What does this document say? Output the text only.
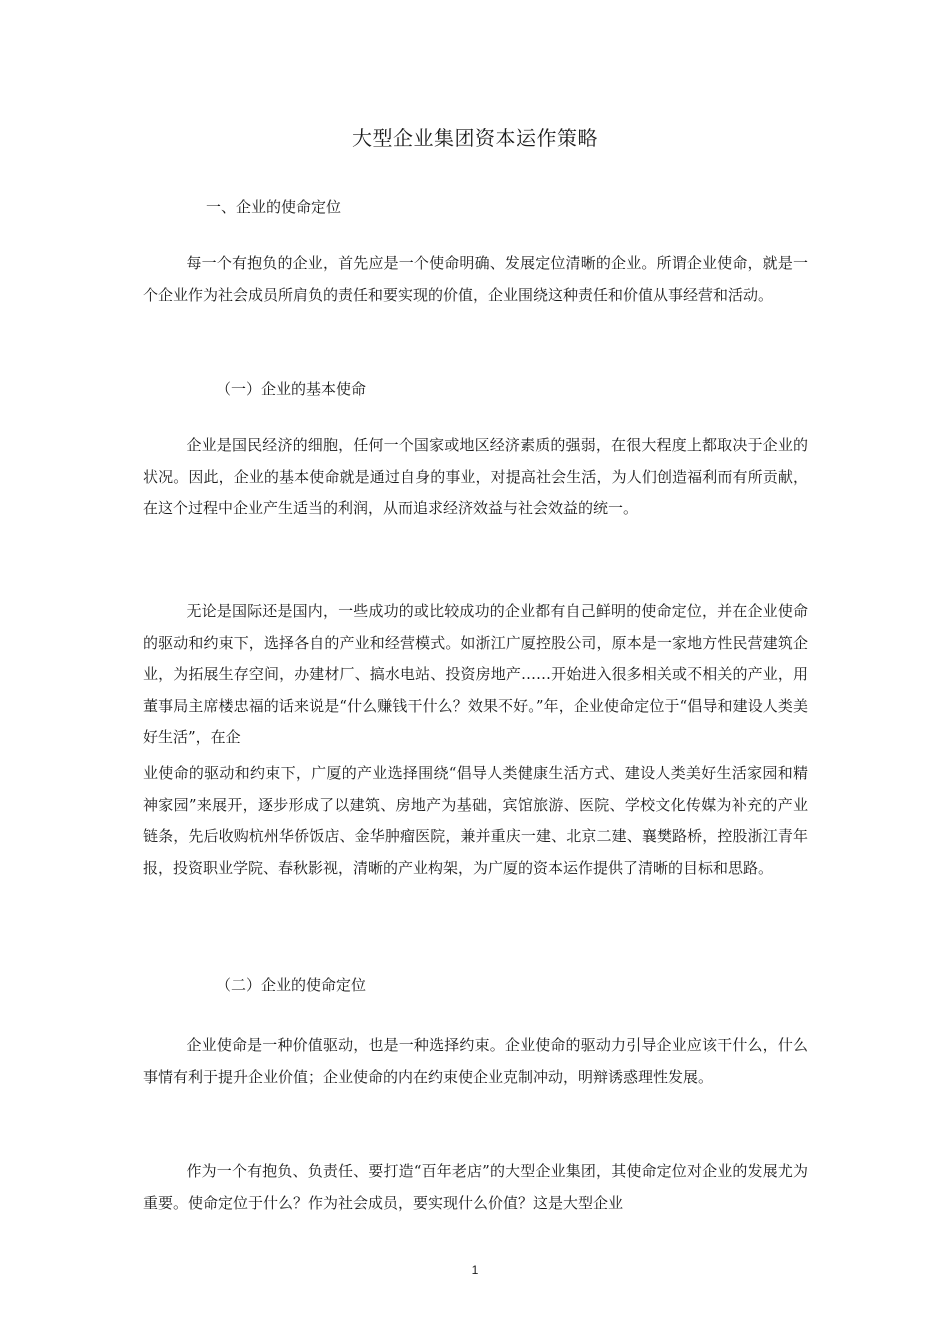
大型企业集团资本运作策略
一、企业的使命定位

每一个有抱负的企业，首先应是一个使命明确、发展定位清晰的企业。所谓企业使命，就是一个企业作为社会成员所肩负的责任和要实现的价值，企业围绕这种责任和价值从事经营和活动。

（一）企业的基本使命

企业是国民经济的细胞，任何一个国家或地区经济素质的强弱，在很大程度上都取决于企业的状况。因此，企业的基本使命就是通过自身的事业，对提高社会生活，为人们创造福利而有所贡献，在这个过程中企业产生适当的利润，从而追求经济效益与社会效益的统一。

无论是国际还是国内，一些成功的或比较成功的企业都有自己鲜明的使命定位，并在企业使命的驱动和约束下，选择各自的产业和经营模式。如浙江广厦控股公司，原本是一家地方性民营建筑企业，为拓展生存空间，办建材厂、搞水电站、投资房地产……开始进入很多相关或不相关的产业，用董事局主席楼忠福的话来说是“什么赚钱干什么？效果不好。”年，企业使命定位于“倡导和建设人类美好生活”，在企

业使命的驱动和约束下，广厦的产业选择围绕“倡导人类健康生活方式、建设人类美好生活家园和精神家园”来展开，逐步形成了以建筑、房地产为基础，宾馆旅游、医院、学校文化传媒为补充的产业链条，先后收购杭州华侨饭店、金华肿瘤医院，兼并重庆一建、北京二建、襄樊路桥，控股浙江青年报，投资职业学院、春秋影视，清晰的产业构架，为广厦的资本运作提供了清晰的目标和思路。

（二）企业的使命定位

企业使命是一种价值驱动，也是一种选择约束。企业使命的驱动力引导企业应该干什么，什么事情有利于提升企业价值；企业使命的内在约束使企业克制冲动，明辩诱惑理性发展。

作为一个有抱负、负责任、要打造“百年老店”的大型企业集团，其使命定位对企业的发展尤为重要。使命定位于什么？作为社会成员，要实现什么价值？这是大型企业

1
